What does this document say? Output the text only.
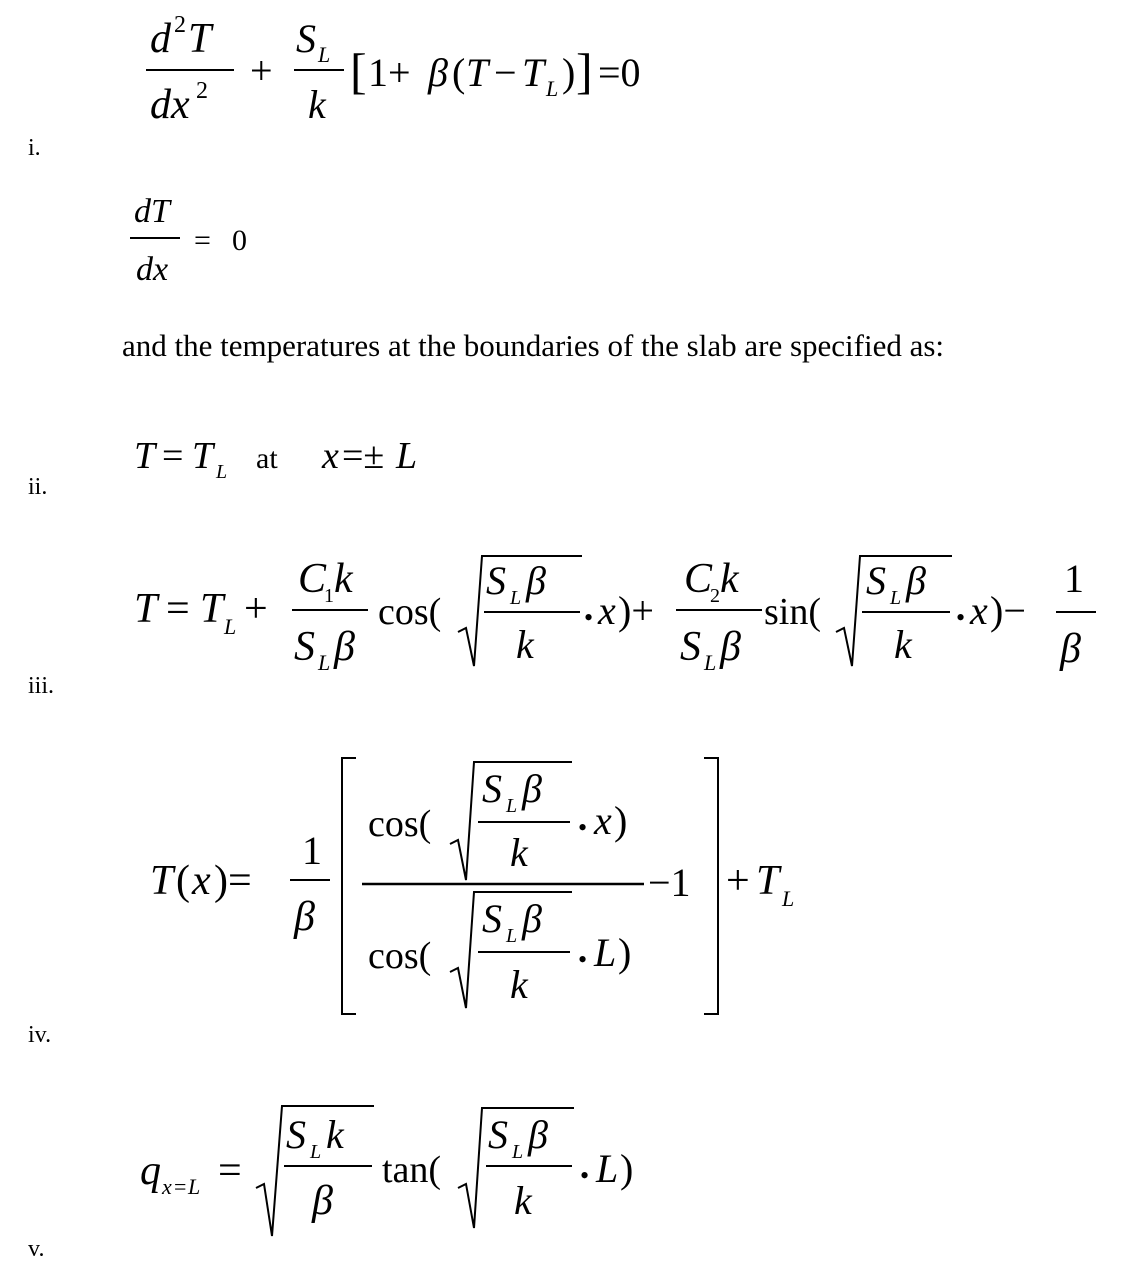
i.
ii.
iii.
iv.
v.
and the temperatures at the boundaries of the slab are specified as:
d 2 T
dx 2 +
S L
k
[ 1+ β ( T − T L ) ] =0
dT
dx
= 0
T = T L at x =± L
T = T L +
C
1 k
S L β
cos(
S L β
k
• x )+
C
2 k
S L β
sin(
S L β
k
• x )−
1
β
T ( x )=
1
β
cos(
S L β
k
• x )
cos(
S L β
k
• L )
−1 + T L
q x = L =
S L k
β
tan(
S L β
k
• L )
